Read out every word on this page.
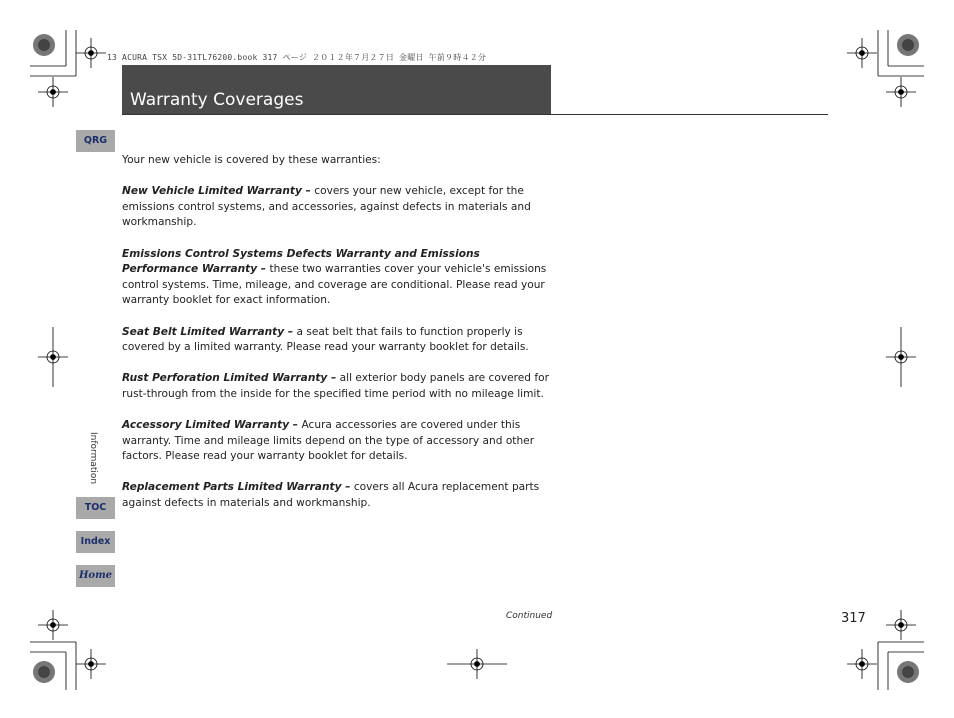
13 ACURA TSX 5D-31TL76200.book 317 ページ ２０１２年７月２７日 金曜日 午前９時４２分
Warranty Coverages
QRG
Information
TOC
Index
Home

Your new vehicle is covered by these warranties:

New Vehicle Limited Warranty – covers your new vehicle, except for the emissions control systems, and accessories, against defects in materials and workmanship.

Emissions Control Systems Defects Warranty and Emissions Performance Warranty – these two warranties cover your vehicle's emissions control systems. Time, mileage, and coverage are conditional. Please read your warranty booklet for exact information.

Seat Belt Limited Warranty – a seat belt that fails to function properly is covered by a limited warranty. Please read your warranty booklet for details.

Rust Perforation Limited Warranty – all exterior body panels are covered for rust-through from the inside for the specified time period with no mileage limit.

Accessory Limited Warranty – Acura accessories are covered under this warranty. Time and mileage limits depend on the type of accessory and other factors. Please read your warranty booklet for details.

Replacement Parts Limited Warranty – covers all Acura replacement parts against defects in materials and workmanship.

Continued	317
